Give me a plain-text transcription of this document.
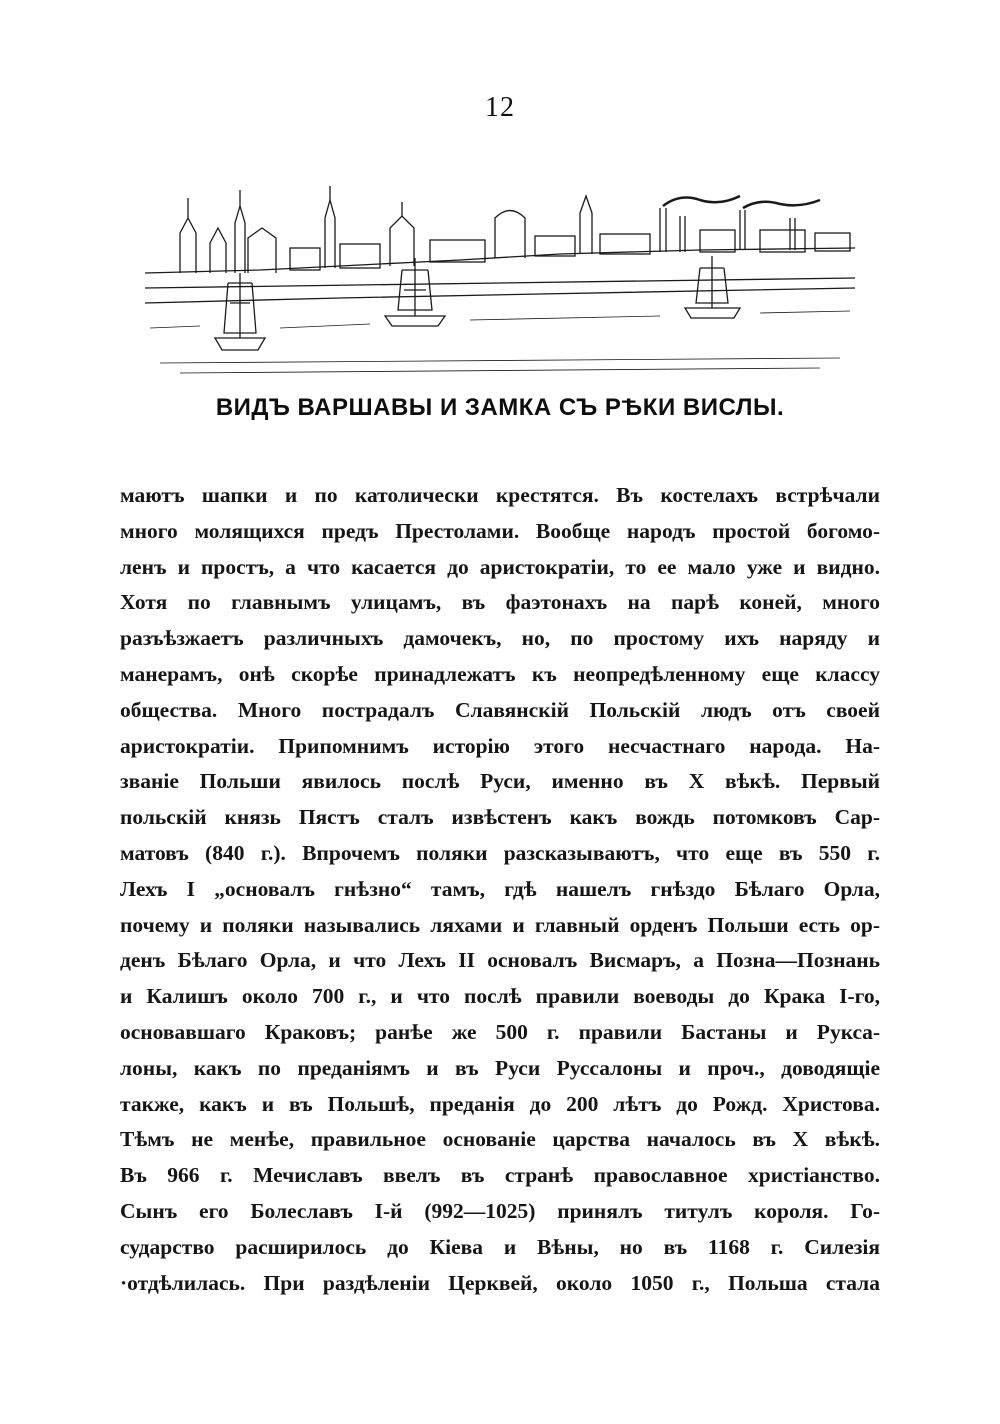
12
ВИДЪ ВАРШАВЫ И ЗАМКА СЪ РѢКИ ВИСЛЫ.
маютъ шапки и по католически крестятся. Въ костелахъ встрѣчали
много молящихся предъ Престолами. Вообще народъ простой богомо-
ленъ и простъ, а что касается до аристократіи, то ее мало уже и видно.
Хотя по главнымъ улицамъ, въ фаэтонахъ на парѣ коней, много
разъѣзжаетъ различныхъ дамочекъ, но, по простому ихъ наряду и
манерамъ, онѣ скорѣе принадлежатъ къ неопредѣленному еще классу
общества. Много пострадалъ Славянскій Польскій людъ отъ своей
аристократіи. Припомнимъ исторію этого несчастнаго народа. На-
званіе Польши явилось послѣ Руси, именно въ X вѣкѣ. Первый
польскій князь Пястъ сталъ извѣстенъ какъ вождь потомковъ Сар-
матовъ (840 г.). Впрочемъ поляки разсказываютъ, что еще въ 550 г.
Лехъ I „основалъ гнѣзно“ тамъ, гдѣ нашелъ гнѣздо Бѣлаго Орла,
почему и поляки назывались ляхами и главный орденъ Польши есть ор-
денъ Бѣлаго Орла, и что Лехъ II основалъ Висмаръ, а Позна—Познань
и Калишъ около 700 г., и что послѣ правили воеводы до Крака I-го,
основавшаго Краковъ; ранѣе же 500 г. правили Бастаны и Руксa-
лоны, какъ по преданіямъ и въ Руси Руссалоны и проч., доводящіе
также, какъ и въ Польшѣ, преданія до 200 лѣтъ до Рожд. Христова.
Тѣмъ не менѣе, правильное основаніе царства началось въ X вѣкѣ.
Въ 966 г. Мечиславъ ввелъ въ странѣ православное христіанство.
Сынъ его Болеславъ I-й (992—1025) принялъ титулъ короля. Го-
сударство расширилось до Кіева и Вѣны, но въ 1168 г. Силезія
·отдѣлилась. При раздѣленіи Церквей, около 1050 г., Польша стала
